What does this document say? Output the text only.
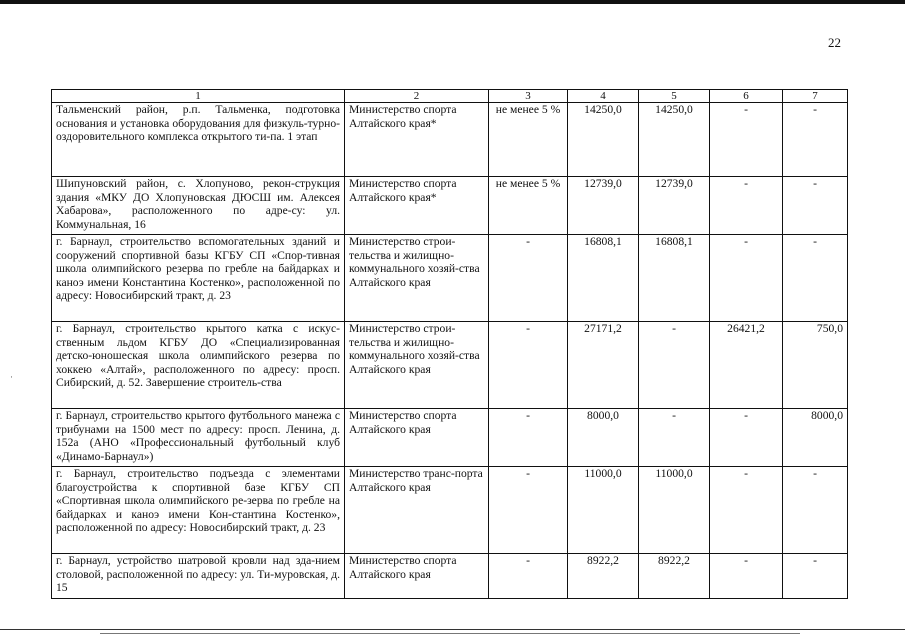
22
·
1	2	3	4	5	6	7
Тальменский район, р.п. Тальменка, подготовка основания и установка оборудования для физкуль-турно-оздоровительного комплекса открытого ти-па. 1 этап	Министерство спорта Алтайского края*	не менее 5 %	14250,0	14250,0	-	-
Шипуновский район, с. Хлопуново, рекон-струкция здания «МКУ ДО Хлопуновская ДЮСШ им. Алексея Хабарова», расположенного по адре-су: ул. Коммунальная, 16	Министерство спорта Алтайского края*	не менее 5 %	12739,0	12739,0	-	-
г. Барнаул, строительство вспомогательных зданий и сооружений спортивной базы КГБУ СП «Спор-тивная школа олимпийского резерва по гребле на байдарках и каноэ имени Константина Костенко», расположенной по адресу: Новосибирский тракт, д. 23	Министерство строи-тельства и жилищно-коммунального хозяй-ства Алтайского края	-	16808,1	16808,1	-	-
г. Барнаул, строительство крытого катка с искус-ственным льдом КГБУ ДО «Специализированная детско-юношеская школа олимпийского резерва по хоккею «Алтай», расположенного по адресу: просп. Сибирский, д. 52. Завершение строитель-ства	Министерство строи-тельства и жилищно-коммунального хозяй-ства Алтайского края	-	27171,2	-	26421,2	750,0
г. Барнаул, строительство крытого футбольного манежа с трибунами на 1500 мест по адресу: просп. Ленина, д. 152а (АНО «Профессиональный футбольный клуб «Динамо-Барнаул»)	Министерство спорта Алтайского края	-	8000,0	-	-	8000,0
г. Барнаул, строительство подъезда с элементами благоустройства к спортивной базе КГБУ СП «Спортивная школа олимпийского ре-зерва по гребле на байдарках и каноэ имени Кон-стантина Костенко», расположенной по адресу: Новосибирский тракт, д. 23	Министерство транс-порта Алтайского края	-	11000,0	11000,0	-	-
г. Барнаул, устройство шатровой кровли над зда-нием столовой, расположенной по адресу: ул. Ти-муровская, д. 15	Министерство спорта Алтайского края	-	8922,2	8922,2	-	-
